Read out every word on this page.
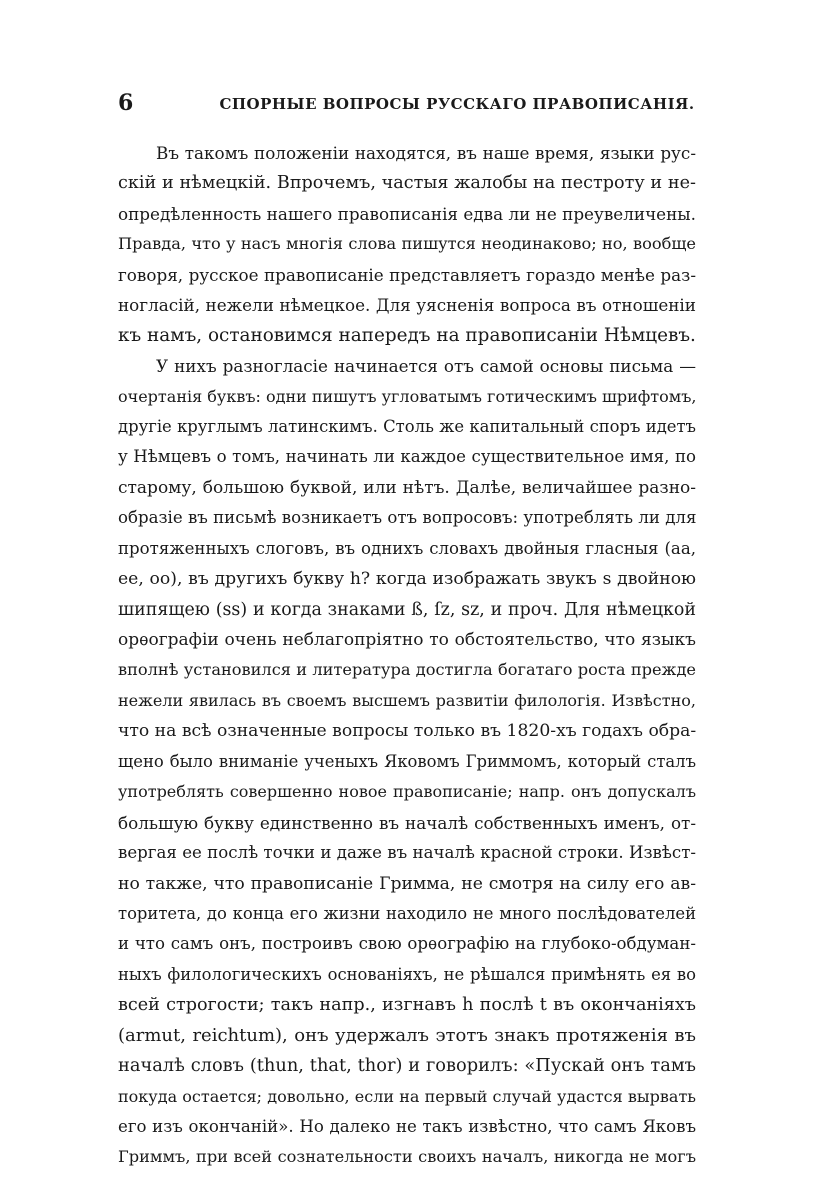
6	СПОРНЫЕ ВОПРОСЫ РУССКАГО ПРАВОПИСАНІЯ.
Въ такомъ положеніи находятся, въ наше время, языки рус-
скій и нѣмецкій. Впрочемъ, частыя жалобы на пестроту и не-
опредѣленность нашего правописанія едва ли не преувеличены.
Правда, что у насъ многія слова пишутся неодинаково; но, вообще
говоря, русское правописаніе представляетъ гораздо менѣе раз-
ногласій, нежели нѣмецкое. Для уясненія вопроса въ отношеніи
къ намъ, остановимся напередъ на правописаніи Нѣмцевъ.
У нихъ разногласіе начинается отъ самой основы письма —
очертанія буквъ: одни пишутъ угловатымъ готическимъ шрифтомъ,
другіе круглымъ латинскимъ. Столь же капитальный споръ идетъ
у Нѣмцевъ о томъ, начинать ли каждое существительное имя, по
старому, большою буквой, или нѣтъ. Далѣе, величайшее разно-
образіе въ письмѣ возникаетъ отъ вопросовъ: употреблять ли для
протяженныхъ слоговъ, въ однихъ словахъ двойныя гласныя (aa,
ee, oo), въ другихъ букву h? когда изображать звукъ s двойною
шипящею (ss) и когда знаками ß, ſz, sz, и проч. Для нѣмецкой
орѳографіи очень неблагопріятно то обстоятельство, что языкъ
вполнѣ установился и литература достигла богатаго роста прежде
нежели явилась въ своемъ высшемъ развитіи филологія. Извѣстно,
что на всѣ означенные вопросы только въ 1820-хъ годахъ обра-
щено было вниманіе ученыхъ Яковомъ Гриммомъ, который сталъ
употреблять совершенно новое правописаніе; напр. онъ допускалъ
большую букву единственно въ началѣ собственныхъ именъ, от-
вергая ее послѣ точки и даже въ началѣ красной строки. Извѣст-
но также, что правописаніе Гримма, не смотря на силу его ав-
торитета, до конца его жизни находило не много послѣдователей
и что самъ онъ, построивъ свою орѳографію на глубоко-обдуман-
ныхъ филологическихъ основаніяхъ, не рѣшался примѣнять ея во
всей строгости; такъ напр., изгнавъ h послѣ t въ окончаніяхъ
(armut, reichtum), онъ удержалъ этотъ знакъ протяженія въ
началѣ словъ (thun, that, thor) и говорилъ: «Пускай онъ тамъ
покуда остается; довольно, если на первый случай удастся вырвать
его изъ окончаній». Но далеко не такъ извѣстно, что самъ Яковъ
Гриммъ, при всей сознательности своихъ началъ, никогда не могъ
